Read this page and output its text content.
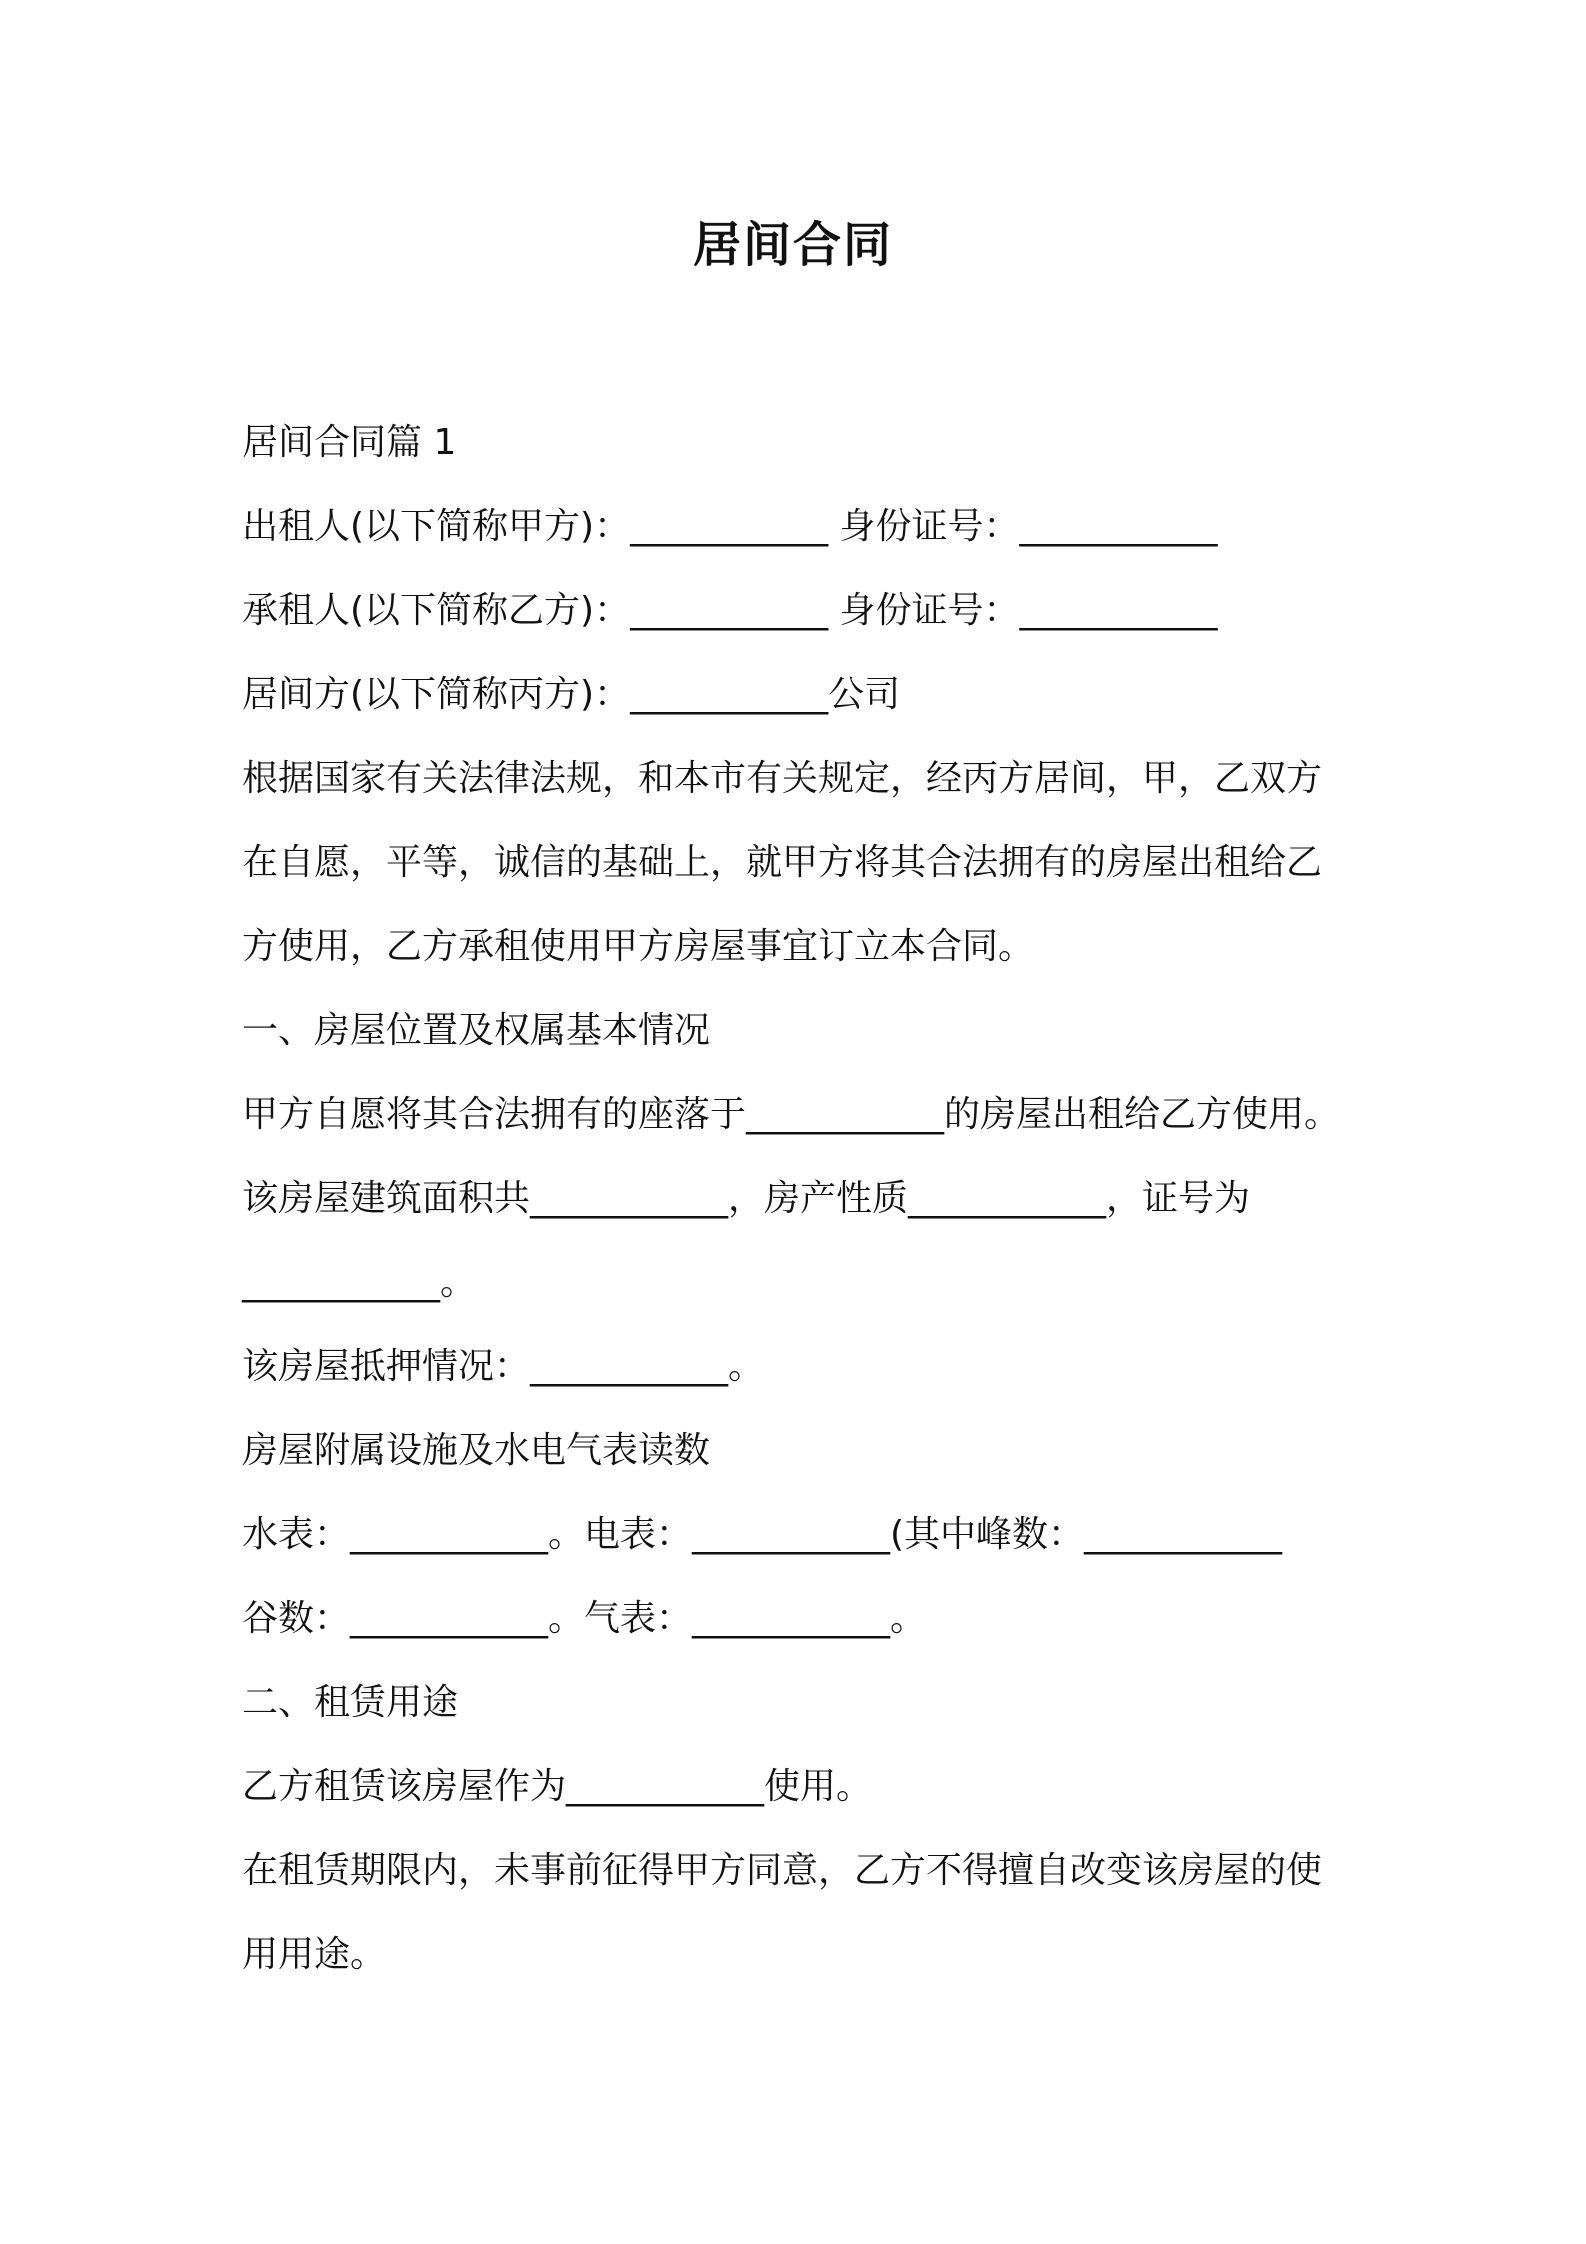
居间合同
居间合同篇 1
出租人(以下简称甲方)：___________ 身份证号：___________
承租人(以下简称乙方)：___________ 身份证号：___________
居间方(以下简称丙方)：___________公司
根据国家有关法律法规，和本市有关规定，经丙方居间，甲，乙双方
在自愿，平等，诚信的基础上，就甲方将其合法拥有的房屋出租给乙
方使用，乙方承租使用甲方房屋事宜订立本合同。
一、房屋位置及权属基本情况
甲方自愿将其合法拥有的座落于___________的房屋出租给乙方使用。
该房屋建筑面积共___________，房产性质___________，证号为
___________。
该房屋抵押情况：___________。
房屋附属设施及水电气表读数
水表：___________。电表：___________(其中峰数：___________
谷数：___________。气表：___________。
二、租赁用途
乙方租赁该房屋作为___________使用。
在租赁期限内，未事前征得甲方同意，乙方不得擅自改变该房屋的使
用用途。
